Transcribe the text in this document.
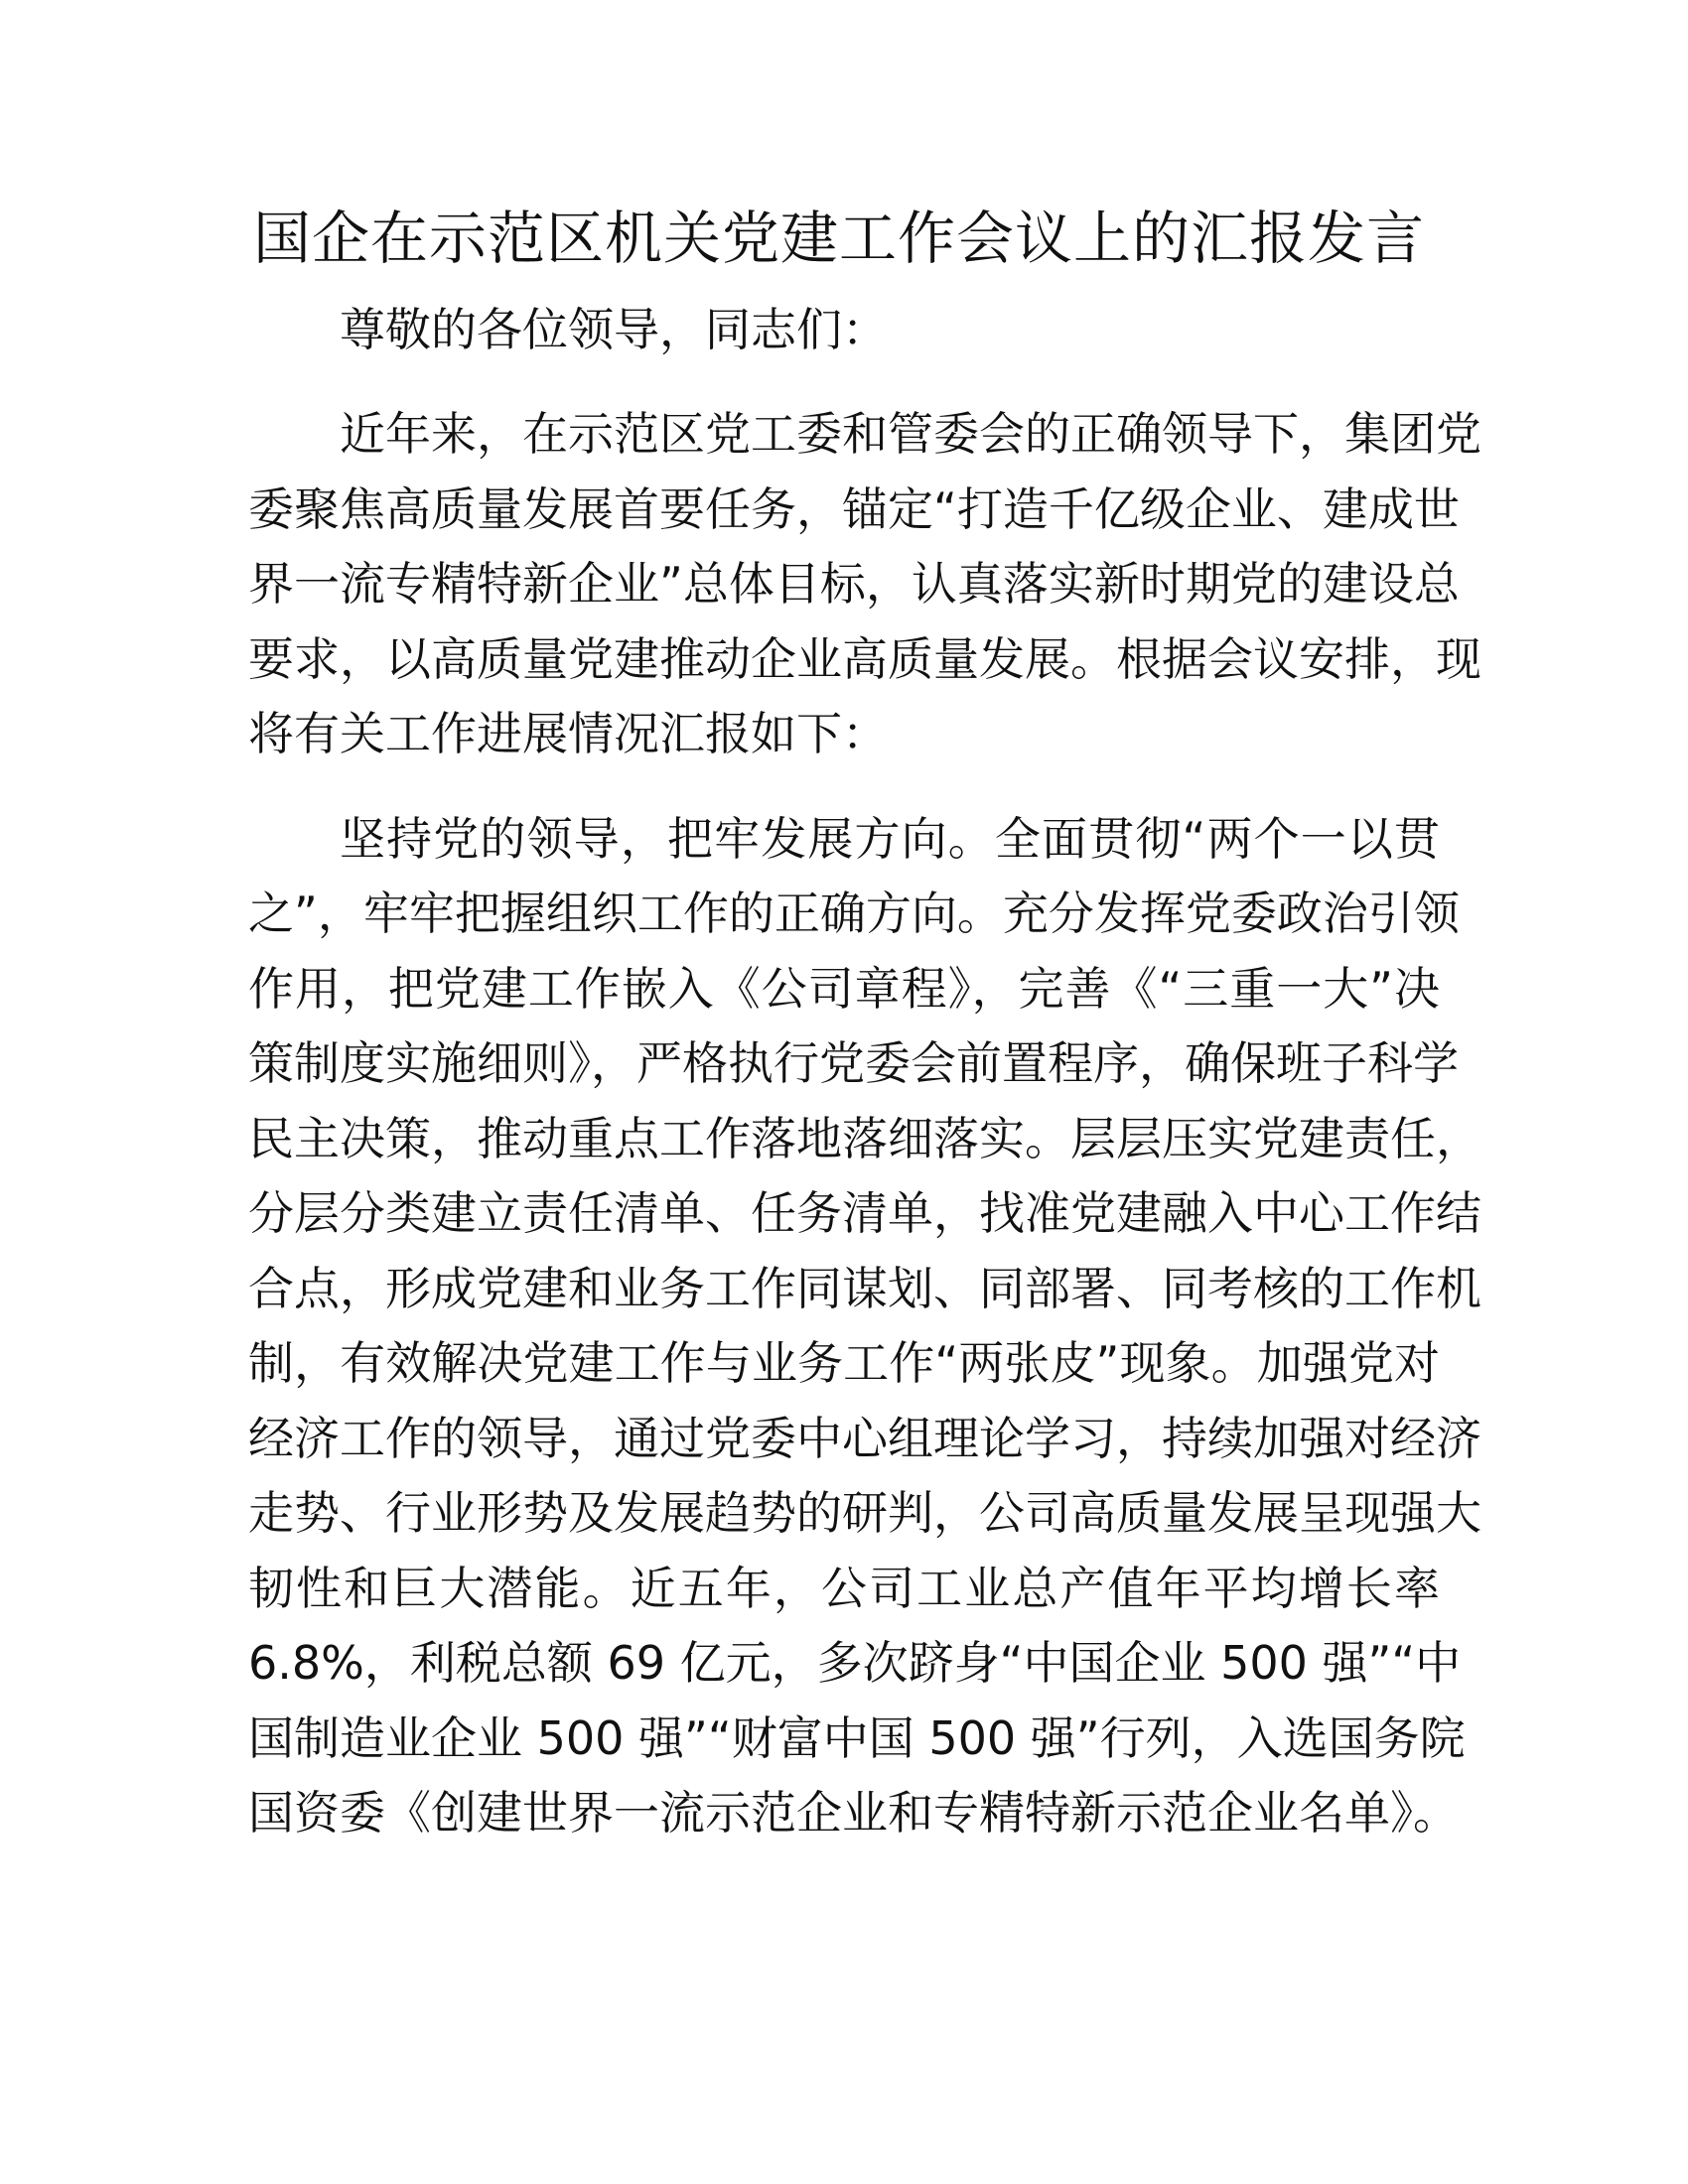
国企在示范区机关党建工作会议上的汇报发言

尊敬的各位领导，同志们：

近年来，在示范区党工委和管委会的正确领导下，集团党
委聚焦高质量发展首要任务，锚定“打造千亿级企业、建成世
界一流专精特新企业”总体目标，认真落实新时期党的建设总
要求，以高质量党建推动企业高质量发展。根据会议安排，现
将有关工作进展情况汇报如下：
坚持党的领导，把牢发展方向。全面贯彻“两个一以贯
之”，牢牢把握组织工作的正确方向。充分发挥党委政治引领
作用，把党建工作嵌入《公司章程》，完善《“三重一大”决
策制度实施细则》，严格执行党委会前置程序，确保班子科学
民主决策，推动重点工作落地落细落实。层层压实党建责任，
分层分类建立责任清单、任务清单，找准党建融入中心工作结
合点，形成党建和业务工作同谋划、同部署、同考核的工作机
制，有效解决党建工作与业务工作“两张皮”现象。加强党对
经济工作的领导，通过党委中心组理论学习，持续加强对经济
走势、行业形势及发展趋势的研判，公司高质量发展呈现强大
韧性和巨大潜能。近五年，公司工业总产值年平均增长率
6.8%，利税总额 69 亿元，多次跻身“中国企业 500 强”“中
国制造业企业 500 强”“财富中国 500 强”行列，入选国务院
国资委《创建世界一流示范企业和专精特新示范企业名单》。
